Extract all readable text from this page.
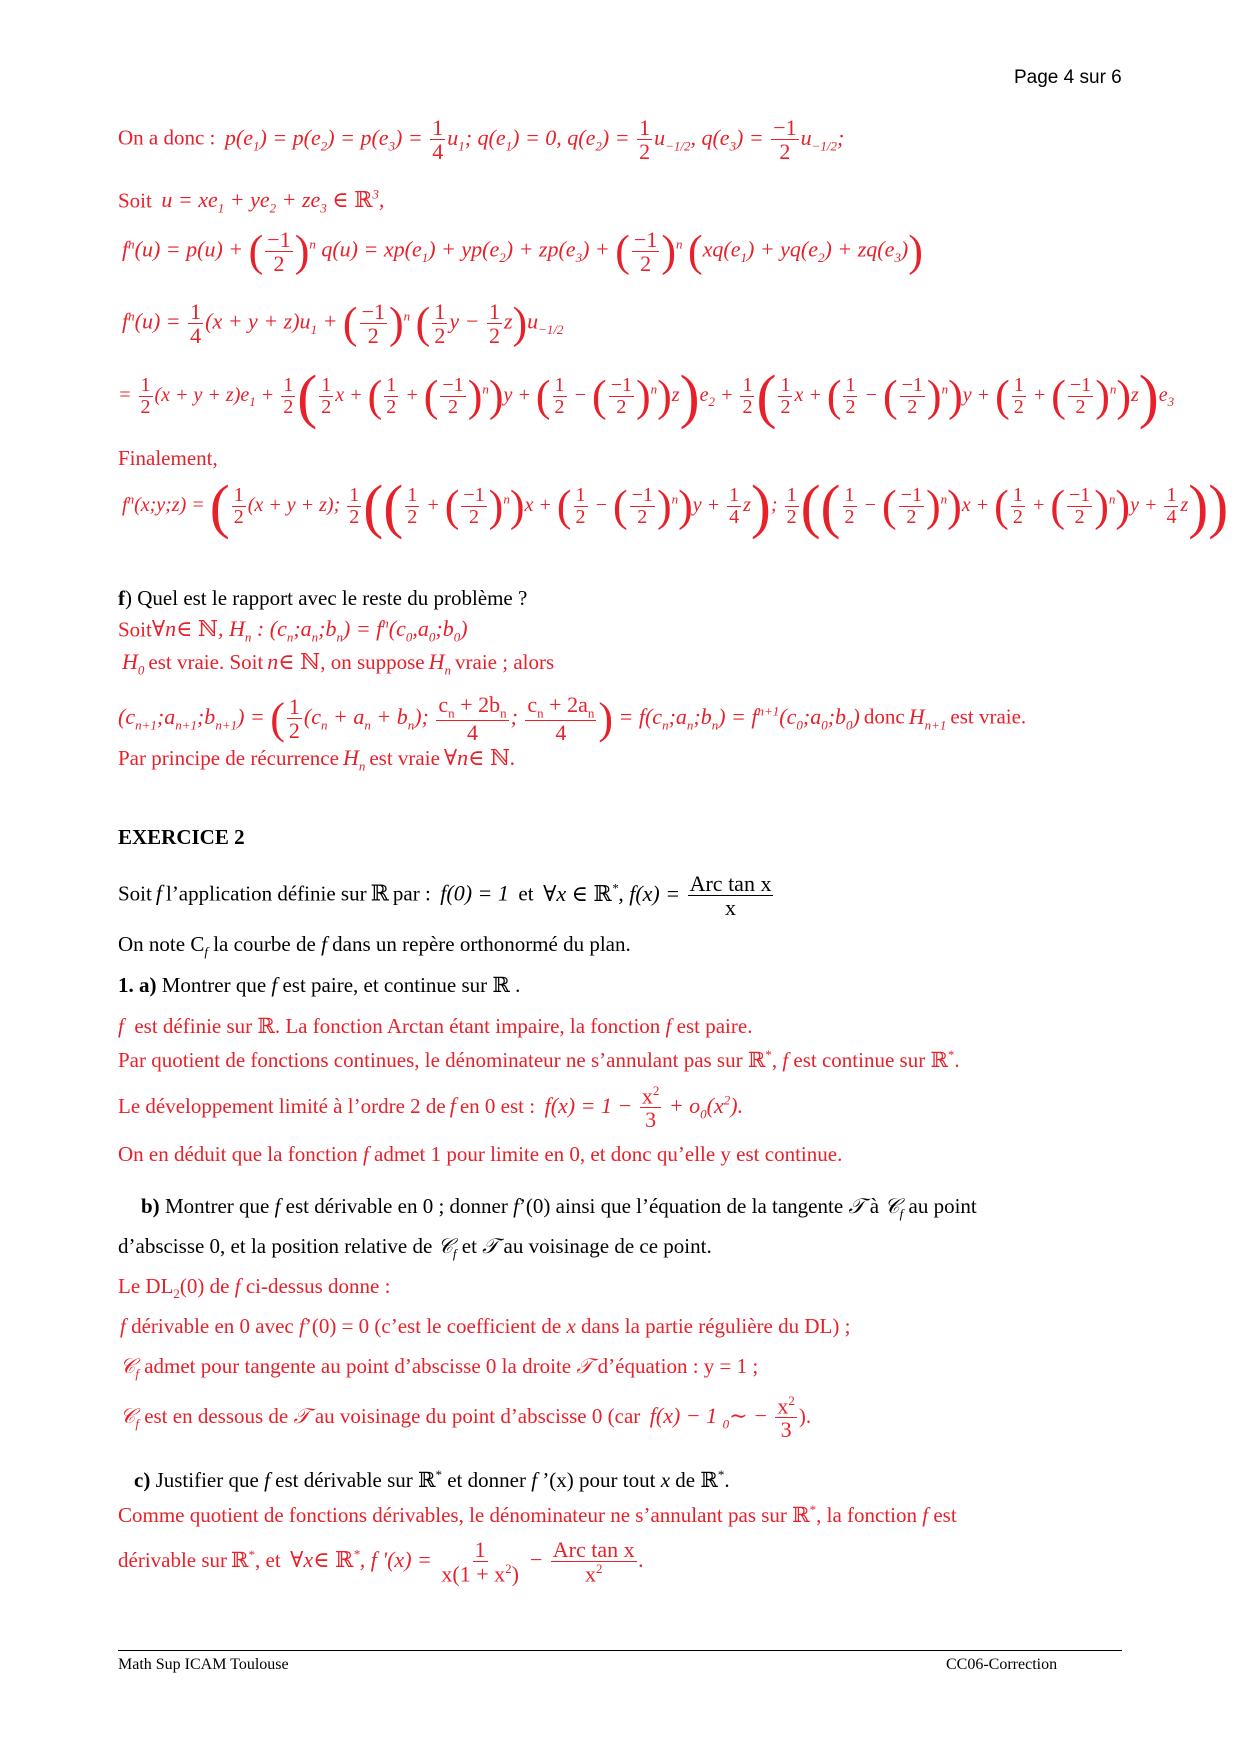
Page 4 sur 6
On a donc :  $p(e_1) = p(e_2) = p(e_3) = \frac{1}{4} u_1$; $q(e_1) = 0$, $q(e_2) = \frac{1}{2} u_{-1/2}$, $q(e_3) = \frac{-1}{2} u_{-1/2}$;
Soit  $u = xe_1 + ye_2 + ze_3$ ∈ ℝ$^3$,
$f^n(u) = p(u)$ + ( $\frac{-1}{2} )^n$ $q(u) = xp(e_1) + yp(e_2) + zp(e_3)$ + ( $\frac{-1}{2} )^n$ $(xq(e_1) + yq(e_2) + zq(e_3))$
$f^n(u) = \frac{1}{4} (x + y + z)u_1$ + ( $\frac{-1}{2} )^n$ ( $\frac{1}{2}$ $y - \frac{1}{2} z)u_{-1/2}$
= $\frac{1}{2} (x + y + z)e_1 + \frac{1}{2}$ ( $\frac{1}{2}$ x + ( $\frac{1}{2}$ + ( $\frac{-1}{2} )^n)y$ + ( $\frac{1}{2}$ − ( $\frac{-1}{2} )^n)z)e_2 + \frac{1}{2}$ ( $\frac{1}{2}$ x + ( $\frac{1}{2}$ − ( $\frac{-1}{2} )^n)y$ + ( $\frac{1}{2}$ + ( $\frac{-1}{2} )^n)z)e_3$
Finalement,
$f^n(x;y;z)$ = ( $\frac{1}{2} (x + y + z)$; $\frac{1}{2}$ (( $\frac{1}{2}$ + ( $\frac{-1}{2} )^n)x$ + ( $\frac{1}{2}$ − ( $\frac{-1}{2} )^n)y + \frac{1}{4} z$); $\frac{1}{2}$ (( $\frac{1}{2}$ − ( $\frac{-1}{2} )^n)x$ + ( $\frac{1}{2}$ + ( $\frac{-1}{2} )^n)y + \frac{1}{4} z$))
f) Quel est le rapport avec le reste du problème ?
Soit∀n∈ ℕ, $H_n$ : $(c_n;a_n;b_n)$ = $f^n(c_0,a_0;b_0)$
$H_0$ est vraie. Soit n∈ ℕ, on suppose $H_n$ vraie ; alors
$(c_{n+1};a_{n+1};b_{n+1})$ = ( $\frac{1}{2} (c_n + a_n + b_n)$; $\frac{c_n + 2b_n}{4}$ ; $\frac{c_n + 2a_n}{4}$ ) = $f(c_n;a_n;b_n)$ = $f^{n+1}(c_0;a_0;b_0)$ donc $H_{n+1}$ est vraie.
Par principe de récurrence $H_n$ est vraie ∀n∈ ℕ.
EXERCICE 2
Soit f l’application définie sur ℝ par :  f(0) = 1  et  ∀x ∈ ℝ*, $f(x) = \frac{\text{Arc tan x}}{x}$
On note $C_f$ la courbe de f dans un repère orthonormé du plan.
1. a) Montrer que f est paire, et continue sur ℝ .
f est définie sur ℝ. La fonction Arctan étant impaire, la fonction f est paire.
Par quotient de fonctions continues, le dénominateur ne s’annulant pas sur ℝ*, f est continue sur ℝ*.
Le développement limité à l’ordre 2 de f en 0 est :  $f(x) = 1 - \frac{x^2}{3} + o_0(x^2)$.
On en déduit que la fonction f admet 1 pour limite en 0, et donc qu’elle y est continue.
b) Montrer que f est dérivable en 0 ; donner f’(0) ainsi que l’équation de la tangente 𝒯 à 𝒞$_f$ au point
d’abscisse 0, et la position relative de 𝒞$_f$ et 𝒯 au voisinage de ce point.
Le $DL_2(0)$ de f ci-dessus donne :
f dérivable en 0 avec f’(0) = 0 (c’est le coefficient de x dans la partie régulière du DL) ;
𝒞$_f$ admet pour tangente au point d’abscisse 0 la droite 𝒯 d’équation : y = 1 ;
𝒞$_f$ est en dessous de 𝒯 au voisinage du point d’abscisse 0 (car  f(x) − 1 $_0$∼ − $\frac{x^2}{3}$ ).
c) Justifier que f est dérivable sur ℝ* et donner f ’(x) pour tout x de ℝ*.
Comme quotient de fonctions dérivables, le dénominateur ne s’annulant pas sur ℝ*, la fonction f est
dérivable sur ℝ*, et  ∀x∈ ℝ*, f '$(x) = \frac{1}{x(1 + x^2)} - \frac{\text{Arc tan x}}{x^2}$ .
Math Sup ICAM Toulouse	CC06-Correction
